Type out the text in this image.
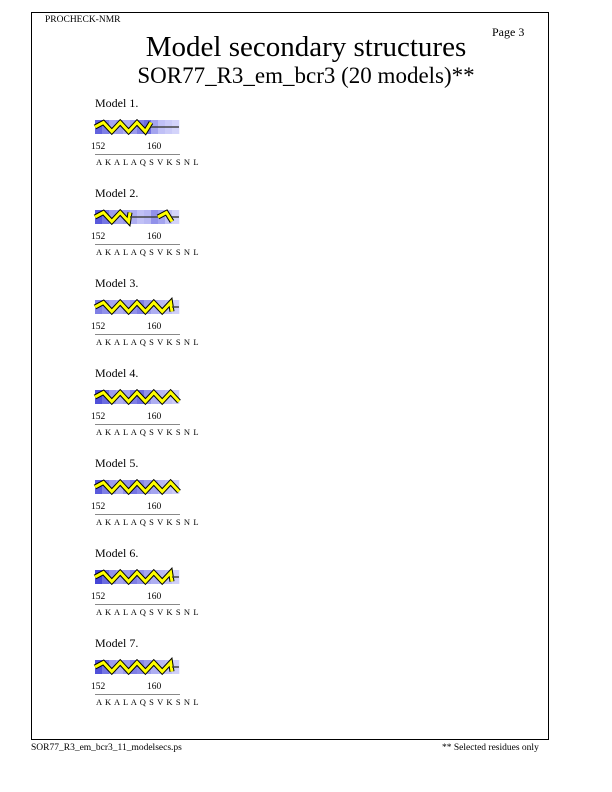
PROCHECK-NMR
Page 3
Model secondary structures
SOR77_R3_em_bcr3 (20 models)**
Model 1.
152	160
A K A L A Q S V K S N L
Model 2.
152	160
A K A L A Q S V K S N L
Model 3.
152	160
A K A L A Q S V K S N L
Model 4.
152	160
A K A L A Q S V K S N L
Model 5.
152	160
A K A L A Q S V K S N L
Model 6.
152	160
A K A L A Q S V K S N L
Model 7.
152	160
A K A L A Q S V K S N L
SOR77_R3_em_bcr3_11_modelsecs.ps	** Selected residues only
